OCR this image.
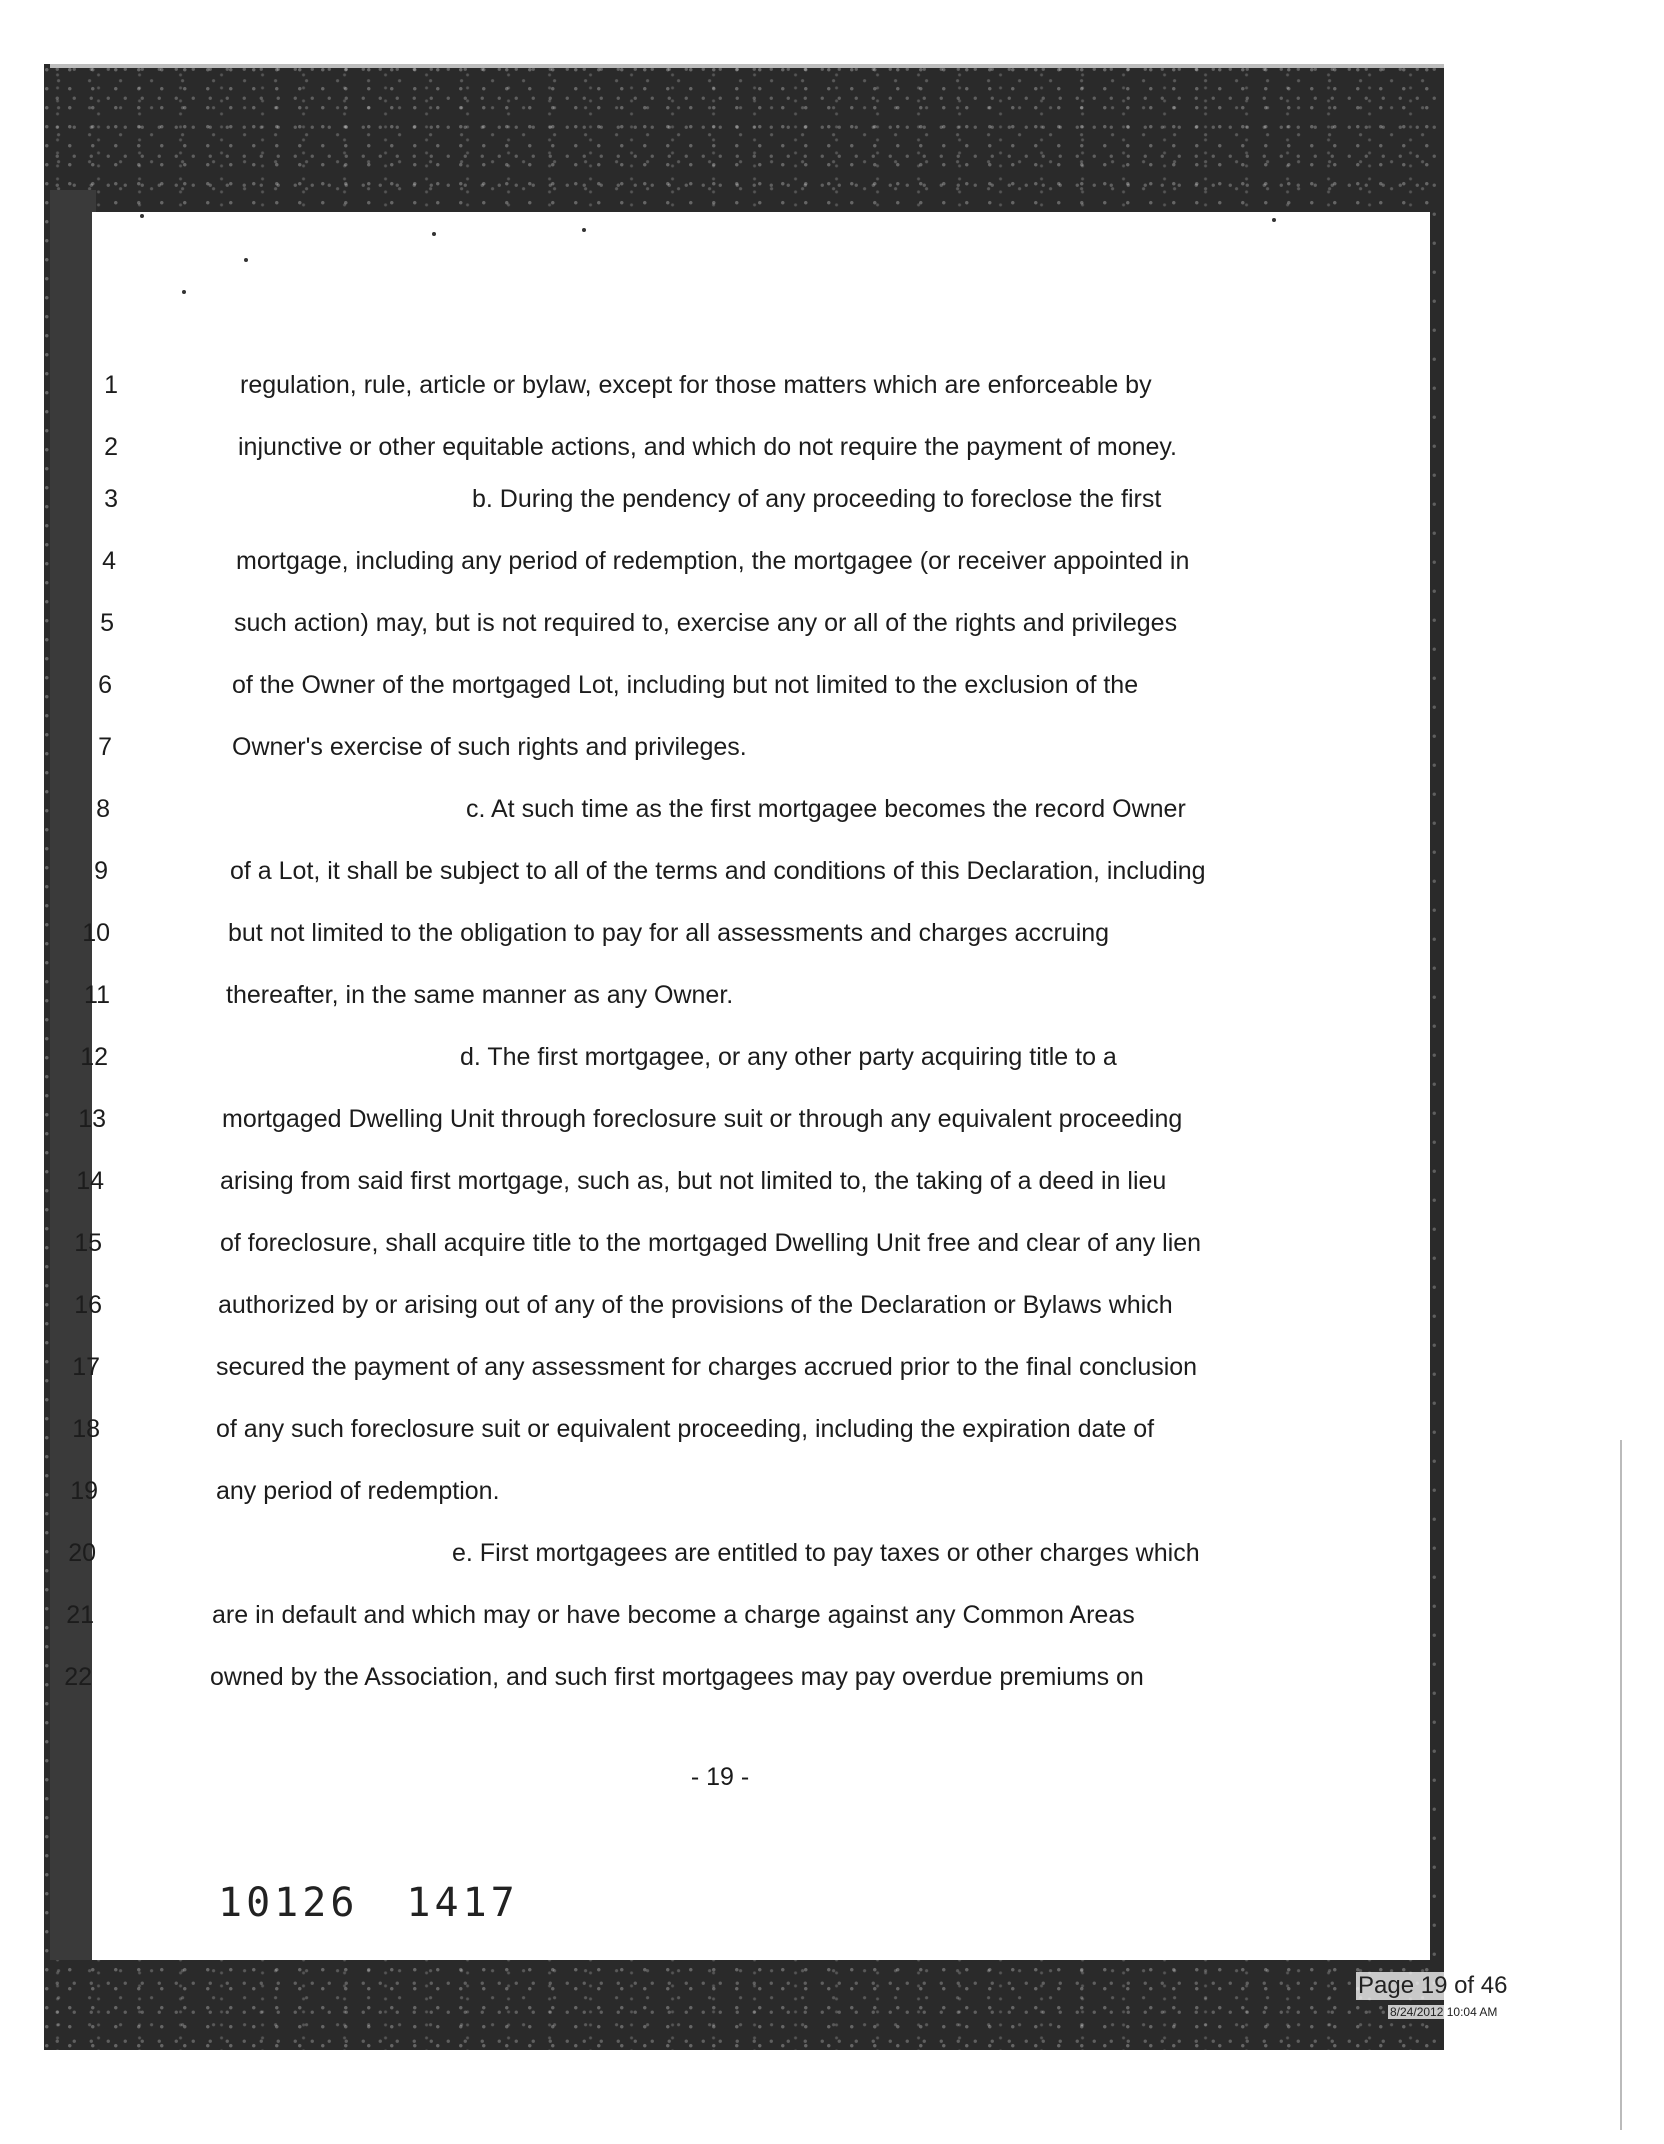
1	regulation, rule, article or bylaw, except for those matters which are enforceable by
2	injunctive or other equitable actions, and which do not require the payment of money.
3	b. During the pendency of any proceeding to foreclose the first
4	mortgage, including any period of redemption, the mortgagee (or receiver appointed in
5	such action) may, but is not required to, exercise any or all of the rights and privileges
6	of the Owner of the mortgaged Lot, including but not limited to the exclusion of the
7	Owner's exercise of such rights and privileges.
8	c. At such time as the first mortgagee becomes the record Owner
9	of a Lot, it shall be subject to all of the terms and conditions of this Declaration, including
10	but not limited to the obligation to pay for all assessments and charges accruing
11	thereafter, in the same manner as any Owner.
12	d. The first mortgagee, or any other party acquiring title to a
13	mortgaged Dwelling Unit through foreclosure suit or through any equivalent proceeding
14	arising from said first mortgage, such as, but not limited to, the taking of a deed in lieu
15	of foreclosure, shall acquire title to the mortgaged Dwelling Unit free and clear of any lien
16	authorized by or arising out of any of the provisions of the Declaration or Bylaws which
17	secured the payment of any assessment for charges accrued prior to the final conclusion
18	of any such foreclosure suit or equivalent proceeding, including the expiration date of
19	any period of redemption.
20	e. First mortgagees are entitled to pay taxes or other charges which
21	are in default and which may or have become a charge against any Common Areas
22	owned by the Association, and such first mortgagees may pay overdue premiums on
- 19 -
10126 1417
Page 19 of 46
8/24/2012 10:04 AM
